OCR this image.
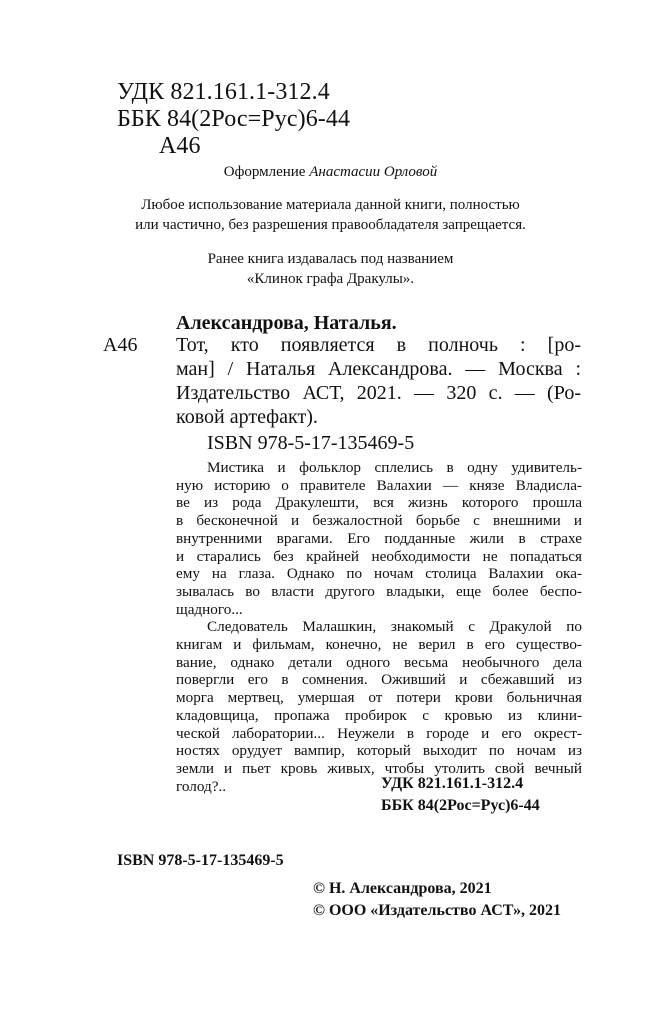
УДК 821.161.1-312.4
ББК 84(2Рос=Рус)6-44
А46
Оформление Анастасии Орловой
Любое использование материала данной книги, полностью
или частично, без разрешения правообладателя запрещается.
Ранее книга издавалась под названием
«Клинок графа Дракулы».
Александрова, Наталья.
А46 Тот, кто появляется в полночь : [ро-
ман] / Наталья Александрова. — Москва :
Издательство АСТ, 2021. — 320 с. — (Ро-
ковой артефакт).
ISBN 978-5-17-135469-5
Мистика и фольклор сплелись в одну удивитель-
ную историю о правителе Валахии — князе Владисла-
ве из рода Дракулешти, вся жизнь которого прошла
в бесконечной и безжалостной борьбе с внешними и
внутренними врагами. Его подданные жили в страхе
и старались без крайней необходимости не попадаться
ему на глаза. Однако по ночам столица Валахии ока-
зывалась во власти другого владыки, еще более беспо-
щадного...
Следователь Малашкин, знакомый с Дракулой по
книгам и фильмам, конечно, не верил в его существо-
вание, однако детали одного весьма необычного дела
повергли его в сомнения. Оживший и сбежавший из
морга мертвец, умершая от потери крови больничная
кладовщица, пропажа пробирок с кровью из клини-
ческой лаборатории... Неужели в городе и его окрест-
ностях орудует вампир, который выходит по ночам из
земли и пьет кровь живых, чтобы утолить свой вечный
голод?..	УДК 821.161.1-312.4
ББК 84(2Рос=Рус)6-44
ISBN 978-5-17-135469-5
© Н. Александрова, 2021
© ООО «Издательство АСТ», 2021
